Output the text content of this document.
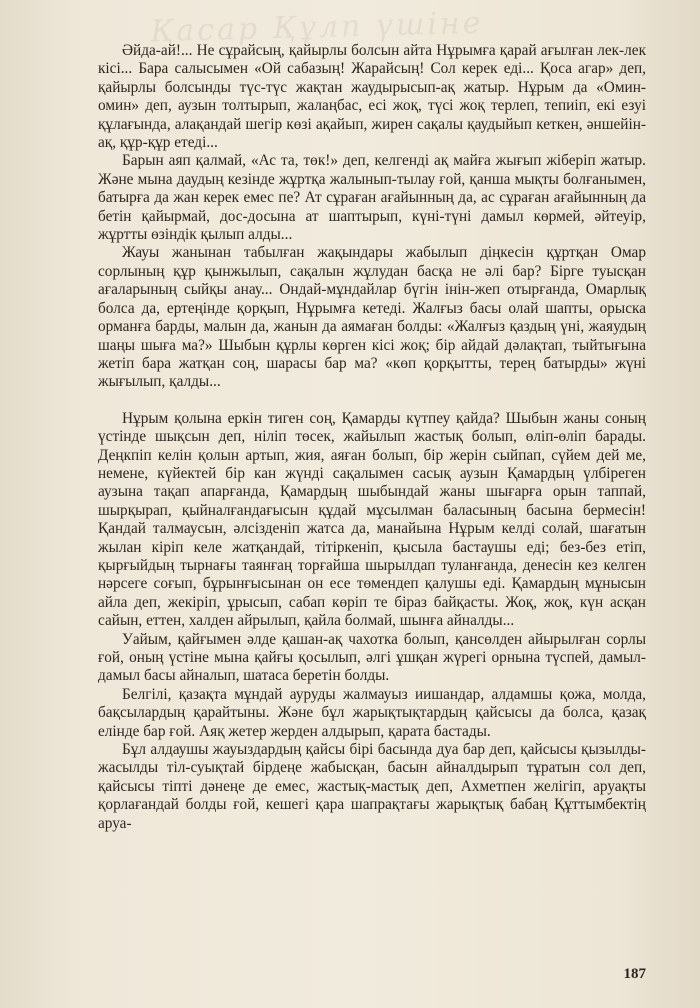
Қасар Құлп үшіне

Әйда-ай!... Не сұрайсың, қайырлы болсын айта Нұрымға қарай ағылған лек-лек кісі... Бара салысымен «Ой сабазың! Жарайсың! Сол керек еді... Қоса агар» деп, қайырлы болсынды түс-түс жақтан жаудырысып-ақ жатыр. Нұрым да «Омин-омин» деп, аузын толтырып, жалаңбас, есі жоқ, түсі жоқ терлеп, тепиіп, екі езуі құлағында, алақандай шегір көзі ақайып, жирен сақалы қаудыйып кеткен, әншейін-ақ, құр-құр етеді...

Барын аяп қалмай, «Ас та, төк!» деп, келгенді ақ майға жығып жіберіп жатыр. Және мына даудың кезінде жұртқа жалынып-тылау ғой, қанша мықты болғанымен, батырға да жан керек емес пе? Ат сұраған ағайынның да, ас сұраған ағайынның да бетін қайырмай, дос-досына ат шаптырып, күні-түні дамыл көрмей, әйтеуір, жұртты өзіндік қылып алды...

Жауы жанынан табылған жақындары жабылып діңкесін құртқан Омар сорлының құр қынжылып, сақалын жұлудан басқа не әлі бар? Бірге туысқан ағаларының сыйқы анау... Ондай-мұндайлар бүгін інін-жеп отырғанда, Омарлық болса да, ертеңінде қорқып, Нұрымға кетеді. Жалғыз басы олай шапты, орыска орманға барды, малын да, жанын да аямаған болды: «Жалғыз қаздың үні, жаяудың шаңы шыға ма?» Шыбын құрлы көрген кісі жоқ; бір айдай дәлақтап, тыйтығына жетіп бара жатқан соң, шарасы бар ма? «көп қорқытты, терең батырды» жүні жығылып, қалды...

Нұрым қолына еркін тиген соң, Қамарды күтпеу қайда? Шыбын жаны соның үстінде шықсын деп, ніліп төсек, жайылып жастық болып, өліп-өліп барады. Деңкпіп келін қолын артып, жия, аяған болып, бір жерін сыйпап, сүйем дей ме, немене, күйектей бір кан жүнді сақалымен сасық аузын Қамардың үлбіреген аузына тақап апарғанда, Қамардың шыбындай жаны шығарға орын таппай, шырқырап, қыйналғандағысын құдай мұсылман баласының басына бермесін! Қандай талмаусын, әлсізденіп жатса да, манайына Нұрым келді солай, шағатын жылан кіріп келе жатқандай, тітіркеніп, қысыла бастаушы еді; без-без етіп, қырғыйдың тырнағы таянғаң торғайша шырылдап туланғанда, денесін кез келген нәрсеге соғып, бұрынғысынан он есе төмендеп қалушы еді. Қамардың мұнысын айла деп, жекіріп, ұрысып, сабап көріп те біраз байқасты. Жоқ, жоқ, күн асқан сайын, еттен, халден айрылып, қайла болмай, шынға айналды...

Уайым, қайғымен әлде қашан-ақ чахотка болып, қансөлден айырылған сорлы ғой, оның үстіне мына қайғы қосылып, әлгі ұшқан жүрегі орнына түспей, дамыл-дамыл басы айналып, шатаса беретін болды.

Белгілі, қазақта мұндай ауруды жалмауыз иишандар, алдамшы қожа, молда, бақсылардың қарайтыны. Және бұл жарықтықтардың қайсысы да болса, қазақ елінде бар ғой. Аяқ жетер жерден алдырып, қарата бастады.

Бұл алдаушы жауыздардың қайсы бірі басында дуа бар деп, қайсысы қызылды-жасылды тіл-суықтай бірдеңе жабысқан, басын айналдырып тұратын сол деп, қайсысы тіпті дәнеңе де емес, жастық-мастық деп, Ахметпен желігіп, аруақты қорлағандай болды ғой, кешегі қара шапрақтағы жарықтық бабаң Құттымбектің аруа-

187
